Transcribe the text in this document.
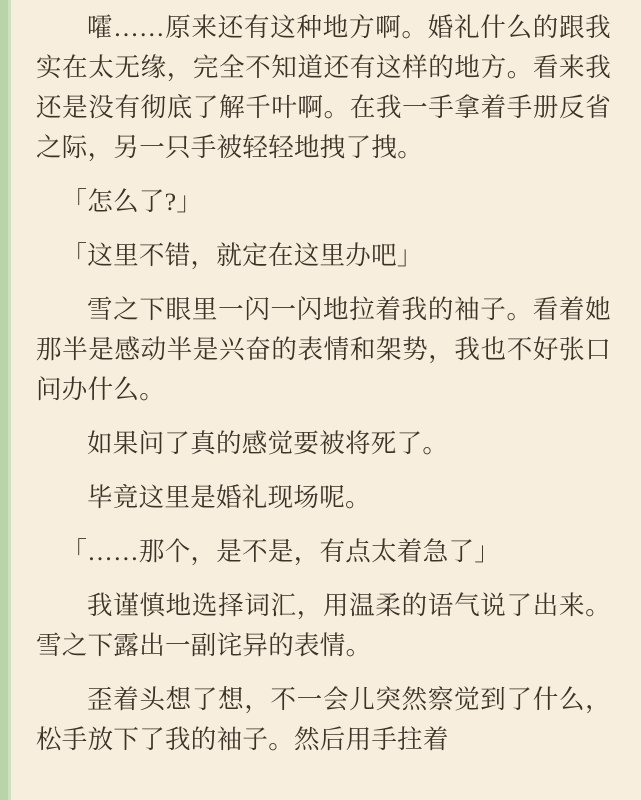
嚯……原来还有这种地方啊。婚礼什么的跟我实在太无缘，完全不知道还有这样的地方。看来我还是没有彻底了解千叶啊。在我一手拿着手册反省之际，另一只手被轻轻地拽了拽。

「怎么了?」

「这里不错，就定在这里办吧」

雪之下眼里一闪一闪地拉着我的袖子。看着她那半是感动半是兴奋的表情和架势，我也不好张口问办什么。

如果问了真的感觉要被将死了。

毕竟这里是婚礼现场呢。

「……那个，是不是，有点太着急了」

我谨慎地选择词汇，用温柔的语气说了出来。雪之下露出一副诧异的表情。

歪着头想了想，不一会儿突然察觉到了什么，松手放下了我的袖子。然后用手拄着
